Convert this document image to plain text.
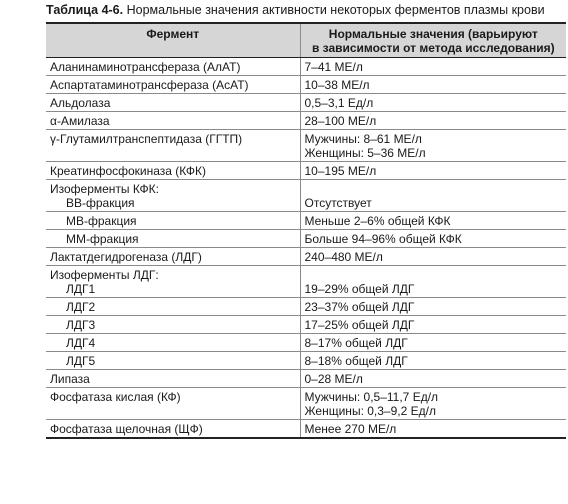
Таблица 4-6. Нормальные значения активности некоторых ферментов плазмы крови
Фермент	Нормальные значения (варьируют
в зависимости от метода исследования)

Аланинаминотрансфераза (АлАТ)	7–41 МЕ/л
Аспартатаминотрансфераза (АсАТ)	10–38 МЕ/л
Альдолаза	0,5–3,1 Ед/л
α-Амилаза	28–100 МЕ/л
γ-Глутамилтранспептидаза (ГГТП)	Мужчины: 8–61 МЕ/л
Женщины: 5–36 МЕ/л

Креатинфосфокиназа (КФК)	10–195 МЕ/л

Изоферменты КФК:
ВВ-фракция	Отсутствует

МВ-фракция	Меньше 2–6% общей КФК
ММ-фракция	Больше 94–96% общей КФК
Лактатдегидрогеназа (ЛДГ)	240–480 МЕ/л

Изоферменты ЛДГ:
ЛДГ1	19–29% общей ЛДГ

ЛДГ2	23–37% общей ЛДГ
ЛДГ3	17–25% общей ЛДГ
ЛДГ4	8–17% общей ЛДГ
ЛДГ5	8–18% общей ЛДГ
Липаза	0–28 МЕ/л
Фосфатаза кислая (КФ)	Мужчины: 0,5–11,7 Ед/л
Женщины: 0,3–9,2 Ед/л

Фосфатаза щелочная (ЩФ)	Менее 270 МЕ/л
